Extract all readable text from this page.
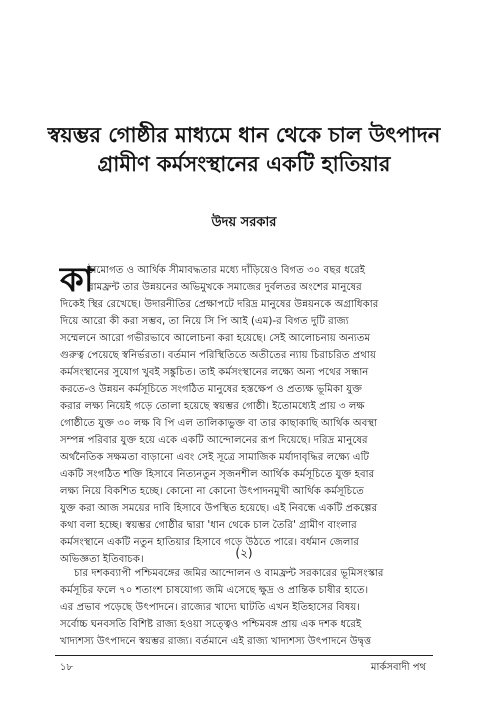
স্বয়ম্ভর গোষ্ঠীর মাধ্যমে ধান থেকে চাল উৎপাদন
গ্রামীণ কর্মসংস্থানের একটি হাতিয়ার
উদয় সরকার
কা
ঠামোগত ও আর্থিক সীমাবদ্ধতার মধ্যে দাঁড়িয়েও বিগত ৩০ বছর ধরেই
বামফ্রন্ট তার উন্নয়নের অভিমুখকে সমাজের দুর্বলতর অংশের মানুষের
দিকেই স্থির রেখেছে। উদারনীতির প্রেক্ষাপটে দরিদ্র মানুষের উন্নয়নকে অগ্রাধিকার
দিয়ে আরো কী করা সম্ভব, তা নিয়ে সি পি আই (এম)-র বিগত দুটি রাজ্য
সম্মেলনে আরো গভীরভাবে আলোচনা করা হয়েছে। সেই আলোচনায় অন্যতম
গুরুত্ব পেয়েছে স্বনির্ভরতা। বর্তমান পরিস্থিতিতে অতীতের ন্যায় চিরাচরিত প্রথায়
কর্মসংস্থানের সুযোগ খুবই সঙ্কুচিত। তাই কর্মসংস্থানের লক্ষ্যে অন্য পথের সন্ধান
করতে-ও উন্নয়ন কর্মসূচিতে সংগঠিত মানুষের হস্তক্ষেপ ও প্রত্যক্ষ ভূমিকা যুক্ত
করার লক্ষ্য নিয়েই গড়ে তোলা হয়েছে স্বয়ম্ভর গোষ্ঠী। ইতোমধ্যেই প্রায় ৩ লক্ষ
গোষ্ঠীতে যুক্ত ৩০ লক্ষ বি পি এল তালিকাভুক্ত বা তার কাছাকাছি আর্থিক অবস্থা
সম্পন্ন পরিবার যুক্ত হয়ে একে একটি আন্দোলনের রূপ দিয়েছে। দরিদ্র মানুষের
অর্থনৈতিক সক্ষমতা বাড়ানো এবং সেই সূত্রে সামাজিক মর্যাদাবৃদ্ধির লক্ষ্যে এটি
একটি সংগঠিত শক্তি হিসাবে নিত্যনতুন সৃজনশীল আর্থিক কর্মসূচিতে যুক্ত হবার
লক্ষ্য নিয়ে বিকশিত হচ্ছে। কোনো না কোনো উৎপাদনমুখী আর্থিক কর্মসূচিতে
যুক্ত করা আজ সময়ের দাবি হিসাবে উপস্থিত হয়েছে। এই নিবন্ধে একটি প্রকল্পের
কথা বলা হচ্ছে। স্বয়ম্ভর গোষ্ঠীর দ্বারা 'ধান থেকে চাল তৈরি' গ্রামীণ বাংলার
কর্মসংস্থানে একটি নতুন হাতিয়ার হিসাবে গড়ে উঠতে পারে। বর্ধমান জেলার
অভিজ্ঞতা ইতিবাচক।	(২)
চার দশকব্যাপী পশ্চিমবঙ্গের জমির আন্দোলন ও বামফ্রন্ট সরকারের ভূমিসংস্কার
কর্মসূচির ফলে ৭০ শতাংশ চাষযোগ্য জমি এসেছে ক্ষুদ্র ও প্রান্তিক চাষীর হাতে।
এর প্রভাব পড়েছে উৎপাদনে। রাজ্যের খাদ্যে ঘাটতি এখন ইতিহাসের বিষয়।
সর্বোচ্চ ঘনবসতি বিশিষ্ট রাজ্য হওয়া সত্ত্বেও পশ্চিমবঙ্গ প্রায় এক দশক ধরেই
খাদ্যশস্য উৎপাদনে স্বয়ম্ভর রাজ্য। বর্তমানে এই রাজ্য খাদ্যশস্য উৎপাদনে উদ্বৃত্ত
১৮	মার্কসবাদী পথ
